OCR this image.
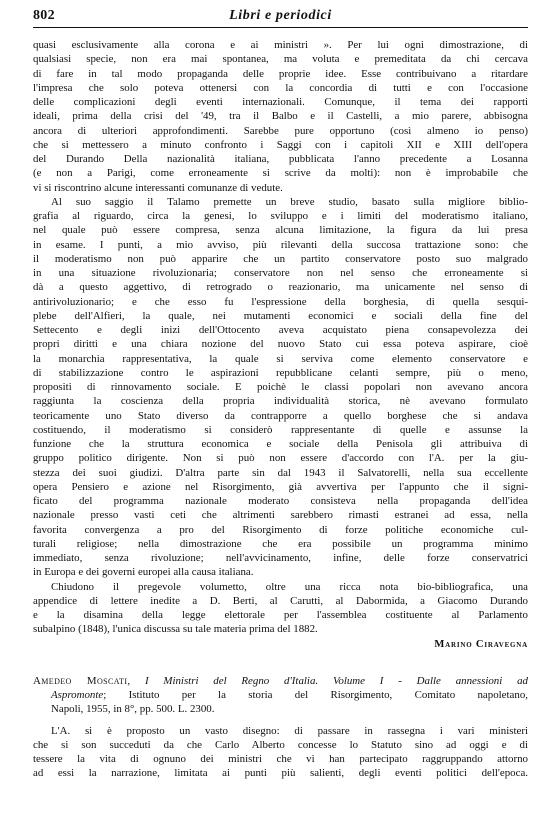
802	Libri e periodici

quasi esclusivamente alla corona e ai ministri ». Per lui ogni dimostrazione, di
qualsiasi specie, non era mai spontanea, ma voluta e premeditata da chi cercava
di fare in tal modo propaganda delle proprie idee. Esse contribuivano a ritardare
l'impresa che solo poteva ottenersi con la concordia di tutti e con l'occasione
delle complicazioni degli eventi internazionali. Comunque, il tema dei rapporti
ideali, prima della crisi del '49, tra il Balbo e il Castelli, a mio parere, abbisogna
ancora di ulteriori approfondimenti. Sarebbe pure opportuno (così almeno io penso)
che si mettessero a minuto confronto i Saggi con i capitoli XII e XIII dell'opera
del Durando Della nazionalità italiana, pubblicata l'anno precedente a Losanna
(e non a Parigi, come erroneamente si scrive da molti): non è improbabile che
vi si riscontrino alcune interessanti comunanze di vedute.

Al suo saggio il Talamo premette un breve studio, basato sulla migliore biblio-
grafia al riguardo, circa la genesi, lo sviluppo e i limiti del moderatismo italiano,
nel quale può essere compresa, senza alcuna limitazione, la figura da lui presa
in esame. I punti, a mio avviso, più rilevanti della succosa trattazione sono: che
il moderatismo non può apparire che un partito conservatore posto suo malgrado
in una situazione rivoluzionaria; conservatore non nel senso che erroneamente si
dà a questo aggettivo, di retrogrado o reazionario, ma unicamente nel senso di
antirivoluzionario; e che esso fu l'espressione della borghesia, di quella sesqui-
plebe dell'Alfieri, la quale, nei mutamenti economici e sociali della fine del
Settecento e degli inizi dell'Ottocento aveva acquistato piena consapevolezza dei
propri diritti e una chiara nozione del nuovo Stato cui essa poteva aspirare, cioè
la monarchia rappresentativa, la quale si serviva come elemento conservatore e
di stabilizzazione contro le aspirazioni repubblicane celanti sempre, più o meno,
propositi di rinnovamento sociale. E poichè le classi popolari non avevano ancora
raggiunta la coscienza della propria individualità storica, nè avevano formulato
teoricamente uno Stato diverso da contrapporre a quello borghese che si andava
costituendo, il moderatismo si considerò rappresentante di quelle e assunse la
funzione che la struttura economica e sociale della Penisola gli attribuiva di
gruppo politico dirigente. Non si può non essere d'accordo con l'A. per la giu-
stezza dei suoi giudizi. D'altra parte sin dal 1943 il Salvatorelli, nella sua eccellente
opera Pensiero e azione nel Risorgimento, già avvertiva per l'appunto che il signi-
ficato del programma nazionale moderato consisteva nella propaganda dell'idea
nazionale presso vasti ceti che altrimenti sarebbero rimasti estranei ad essa, nella
favorita convergenza a pro del Risorgimento di forze politiche economiche cul-
turali religiose; nella dimostrazione che era possibile un programma minimo
immediato, senza rivoluzione; nell'avvicinamento, infine, delle forze conservatrici
in Europa e dei governi europei alla causa italiana.

Chiudono il pregevole volumetto, oltre una ricca nota bio-bibliografica, una
appendice di lettere inedite a D. Berti, al Carutti, al Dabormida, a Giacomo Durando
e la disamina della legge elettorale per l'assemblea costituente al Parlamento
subalpino (1848), l'unica discussa su tale materia prima del 1882.

Marino Ciravegna

Amedeo Moscati, I Ministri del Regno d'Italia. Volume I - Dalle annessioni ad
Aspromonte; Istituto per la storia del Risorgimento, Comitato napoletano,
Napoli, 1955, in 8°, pp. 500. L. 2300.

L'A. si è proposto un vasto disegno: di passare in rassegna i vari ministeri
che si son succeduti da che Carlo Alberto concesse lo Statuto sino ad oggi e di
tessere la vita di ognuno dei ministri che vi han partecipato raggruppando attorno
ad essi la narrazione, limitata ai punti più salienti, degli eventi politici dell'epoca.
